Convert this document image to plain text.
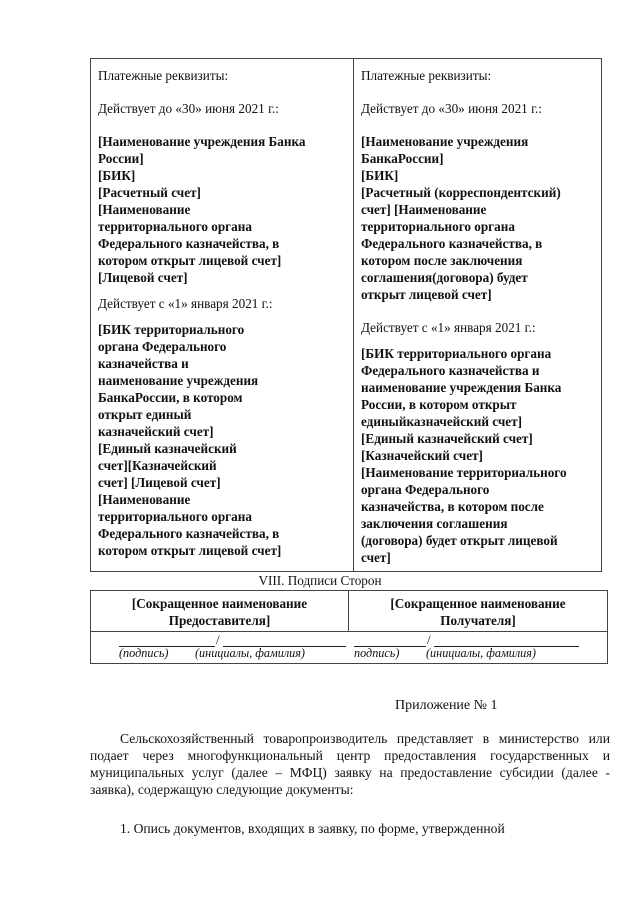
Платежные реквизиты:
Действует до «30» июня 2021 г.:
[Наименование учреждения Банка
России]
[БИК]
[Расчетный счет]
[Наименование
территориального органа
Федерального казначейства, в
котором открыт лицевой счет]
[Лицевой счет]
Действует с «1» января 2021 г.:
[БИК территориального
органа Федерального
казначейства и
наименование учреждения
БанкаРоссии, в котором
открыт единый
казначейский счет]
[Единый казначейский
счет][Казначейский
счет] [Лицевой счет]
[Наименование
территориального органа
Федерального казначейства, в
котором открыт лицевой счет]
Платежные реквизиты:
Действует до «30» июня 2021 г.:
[Наименование учреждения
БанкаРоссии]
[БИК]
[Расчетный (корреспондентский)
счет] [Наименование
территориального органа
Федерального казначейства, в
котором после заключения
соглашения(договора) будет
открыт лицевой счет]
Действует с «1» января 2021 г.:
[БИК территориального органа
Федерального казначейства и
наименование учреждения Банка
России, в котором открыт
единыйказначейский счет]
[Единый казначейский счет]
[Казначейский счет]
[Наименование территориального
органа Федерального
казначейства, в котором после
заключения соглашения
(договора) будет открыт лицевой
счет]
VIII. Подписи Сторон
[Сокращенное наименование
Предоставителя]
[Сокращенное наименование
Получателя]
/
(подпись) (инициалы, фамилия)
/
подпись) (инициалы, фамилия)
Приложение № 1
Сельскохозяйственный товаропроизводитель представляет в министерство или подает через многофункциональный центр предоставления государственных и муниципальных услуг (далее – МФЦ) заявку на предоставление субсидии (далее - заявка), содержащую следующие документы:
1. Опись документов, входящих в заявку, по форме, утвержденной
